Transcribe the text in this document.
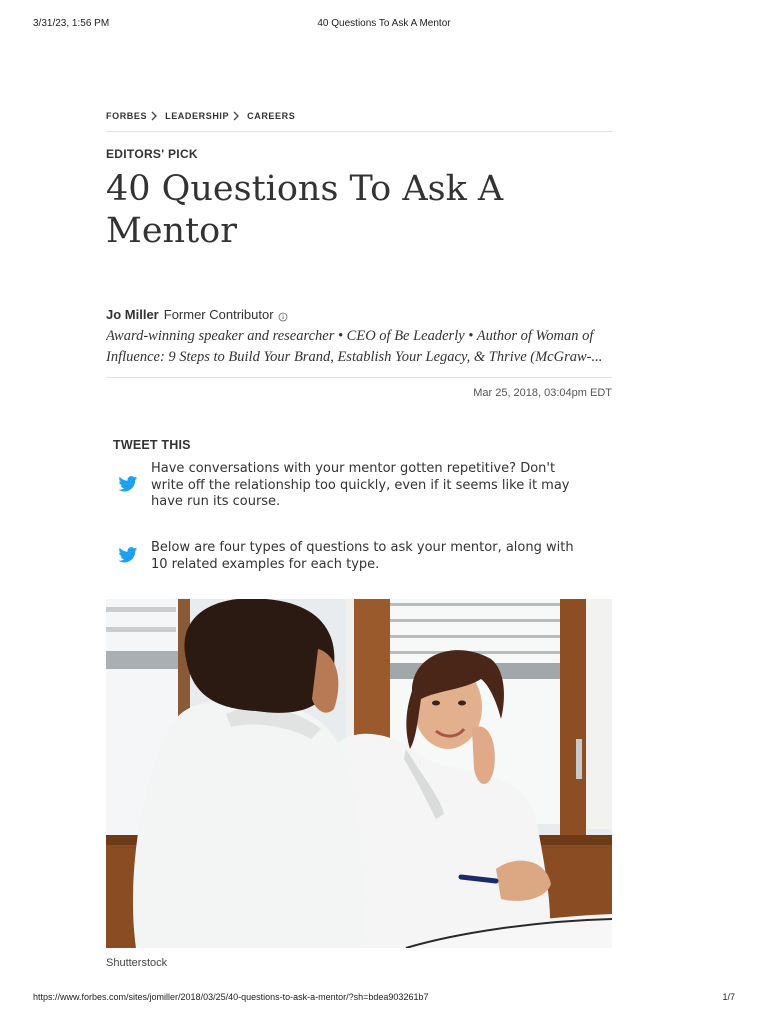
3/31/23, 1:56 PM	40 Questions To Ask A Mentor
FORBES LEADERSHIP CAREERS
EDITORS' PICK
40 Questions To Ask A
Mentor
Jo Miller Former Contributor
Award-winning speaker and researcher • CEO of Be Leaderly • Author of Woman of
Influence: 9 Steps to Build Your Brand, Establish Your Legacy, & Thrive (McGraw-...
Mar 25, 2018, 03:04pm EDT
TWEET THIS
Have conversations with your mentor gotten repetitive? Don't
write off the relationship too quickly, even if it seems like it may
have run its course.
Below are four types of questions to ask your mentor, along with
10 related examples for each type.
Shutterstock
https://www.forbes.com/sites/jomiller/2018/03/25/40-questions-to-ask-a-mentor/?sh=bdea903261b7	1/7
